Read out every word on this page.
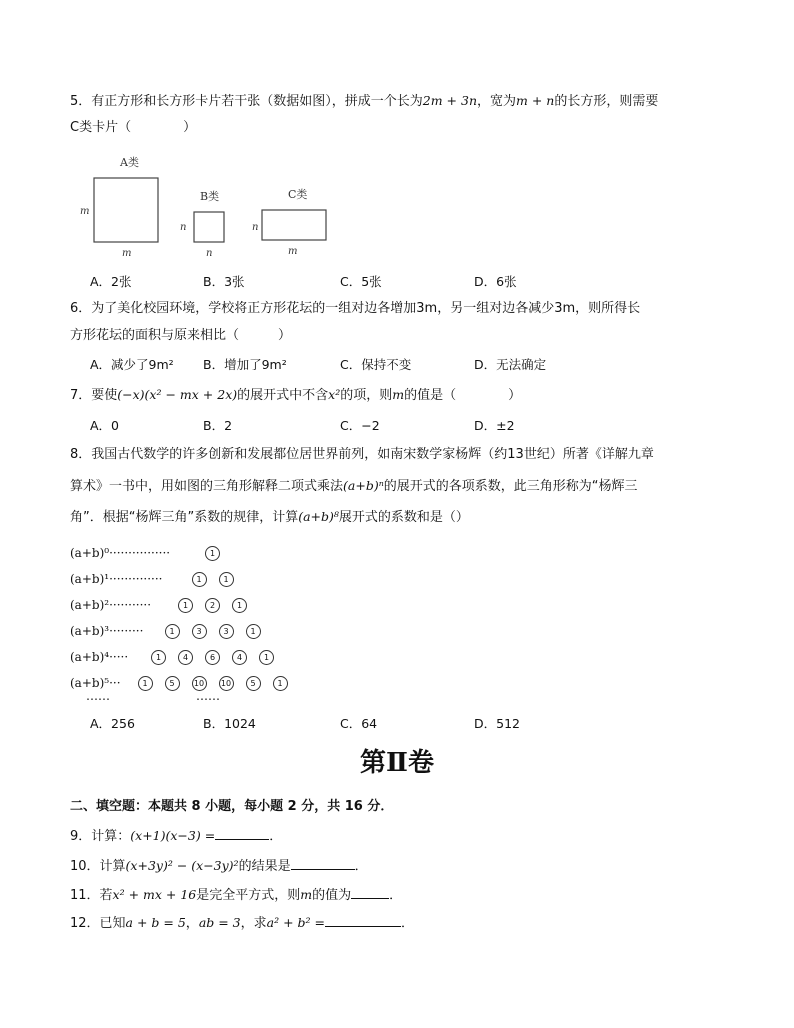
5．有正方形和长方形卡片若干张（数据如图），拼成一个长为2m + 3n，宽为m + n的长方形，则需要
C类卡片（　　　　）
A类
m
m
B类
n
n
C类
n
m
A．2张	B．3张	C．5张	D．6张
6．为了美化校园环境，学校将正方形花坛的一组对边各增加3m，另一组对边各减少3m，则所得长
方形花坛的面积与原来相比（　　　）
A．减少了9m² B．增加了9m²	C．保持不变	D．无法确定
7．要使(−x)(x² − mx + 2x)的展开式中不含x²的项，则m的值是（　　　　）
A．0	B．2	C．−2	D．±2
8．我国古代数学的许多创新和发展都位居世界前列，如南宋数学家杨辉（约13世纪）所著《详解九章
算术》一书中，用如图的三角形解释二项式乘法(a+b)ⁿ的展开式的各项系数，此三角形称为“杨辉三
角”．根据“杨辉三角”系数的规律，计算(a+b)⁸展开式的系数和是（）
(a+b)⁰················	1
(a+b)¹··············	1	1
(a+b)²···········	1	2	1
(a+b)³·········	1	3	3	1
(a+b)⁴·····	1	4	6	4	1
(a+b)⁵···	1	5	10	10	5	1
……	……
A．256	B．1024	C．64	D．512
第Ⅱ卷
二、填空题：本题共 8 小题，每小题 2 分，共 16 分．
9．计算：(x+1)(x−3) =	．
10．计算(x+3y)² − (x−3y)²的结果是	．
11．若x² + mx + 16是完全平方式，则m的值为	．
12．已知a + b = 5，ab = 3，求a² + b² =	．
